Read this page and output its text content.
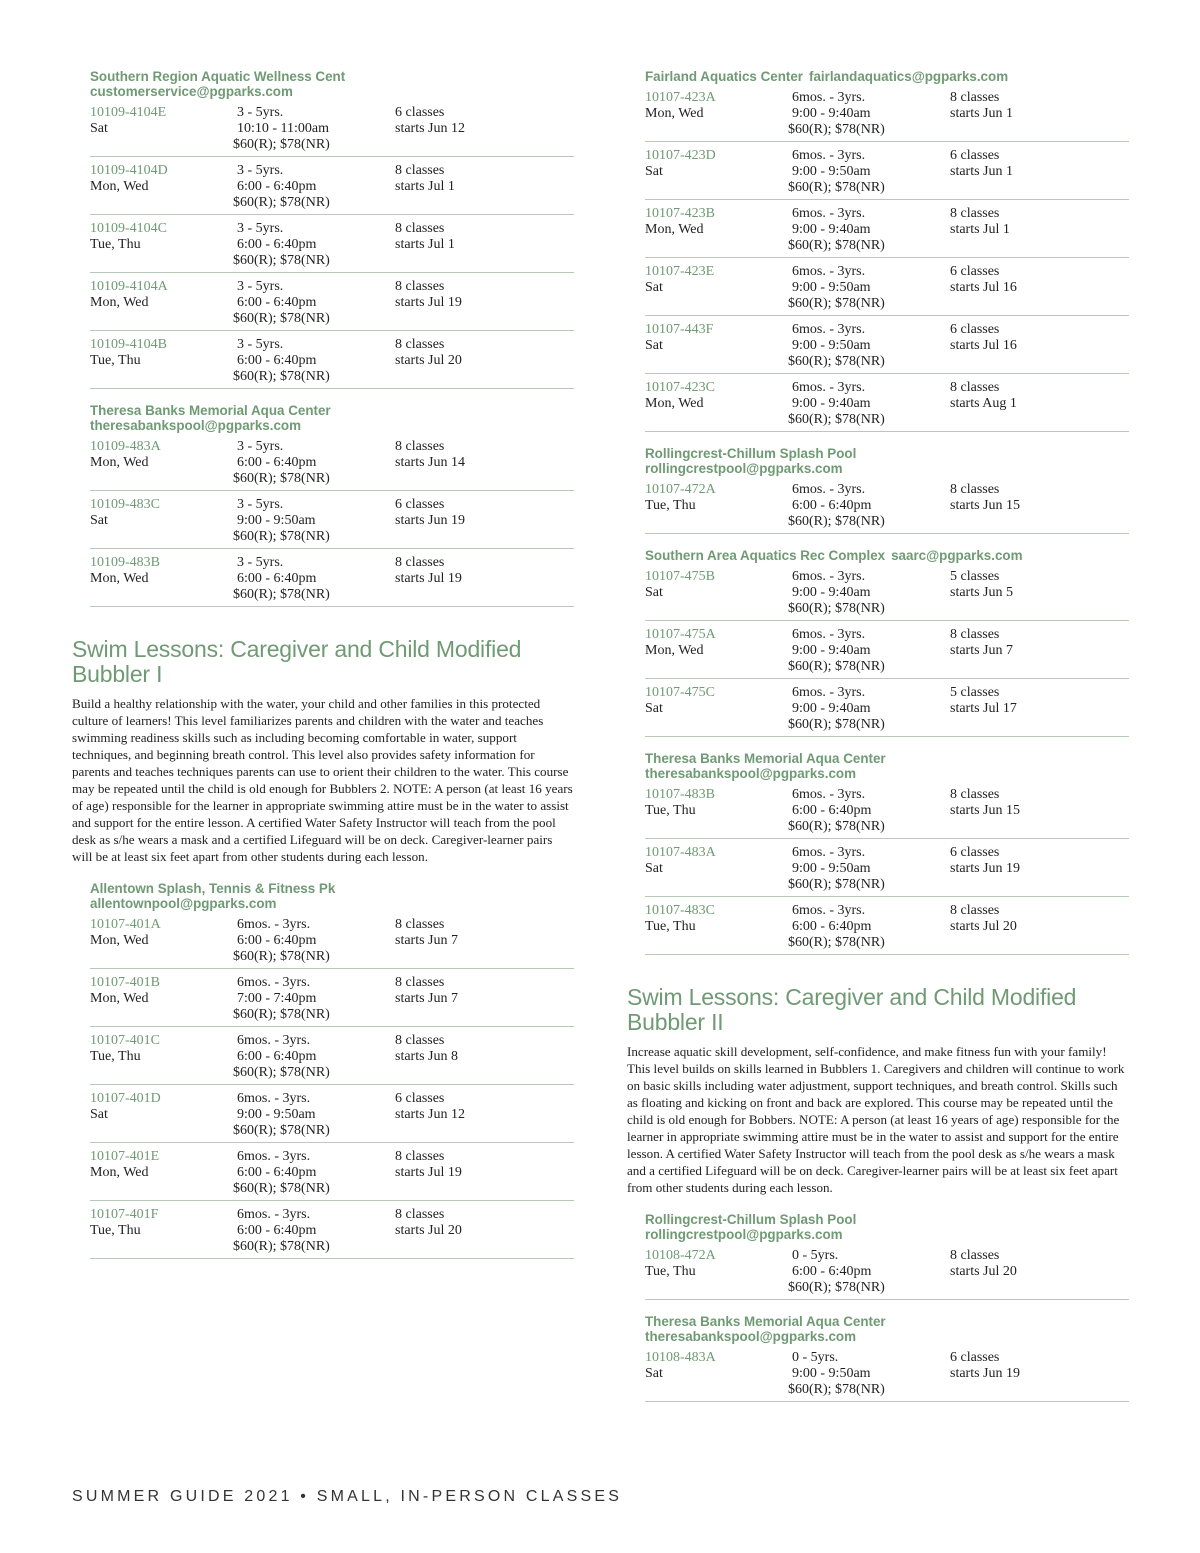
Southern Region Aquatic Wellness Cent
customerservice@pgparks.com
10109-4104E
Sat
3 - 5yrs.
10:10 - 11:00am
$60(R); $78(NR)
6 classes
starts Jun 12
10109-4104D
Mon, Wed
3 - 5yrs.
6:00 - 6:40pm
$60(R); $78(NR)
8 classes
starts Jul 1
10109-4104C
Tue, Thu
3 - 5yrs.
6:00 - 6:40pm
$60(R); $78(NR)
8 classes
starts Jul 1
10109-4104A
Mon, Wed
3 - 5yrs.
6:00 - 6:40pm
$60(R); $78(NR)
8 classes
starts Jul 19
10109-4104B
Tue, Thu
3 - 5yrs.
6:00 - 6:40pm
$60(R); $78(NR)
8 classes
starts Jul 20
Theresa Banks Memorial Aqua Center
theresabankspool@pgparks.com
10109-483A
Mon, Wed
3 - 5yrs.
6:00 - 6:40pm
$60(R); $78(NR)
8 classes
starts Jun 14
10109-483C
Sat
3 - 5yrs.
9:00 - 9:50am
$60(R); $78(NR)
6 classes
starts Jun 19
10109-483B
Mon, Wed
3 - 5yrs.
6:00 - 6:40pm
$60(R); $78(NR)
8 classes
starts Jul 19
Swim Lessons: Caregiver and Child Modified Bubbler I

Build a healthy relationship with the water, your child and other families in this protected culture of learners! This level familiarizes parents and children with the water and teaches swimming readiness skills such as including becoming comfortable in water, support techniques, and beginning breath control. This level also provides safety information for parents and teaches techniques parents can use to orient their children to the water. This course may be repeated until the child is old enough for Bubblers 2. NOTE: A person (at least 16 years of age) responsible for the learner in appropriate swimming attire must be in the water to assist and support for the entire lesson. A certified Water Safety Instructor will teach from the pool desk as s/he wears a mask and a certified Lifeguard will be on deck. Caregiver-learner pairs will be at least six feet apart from other students during each lesson.

Allentown Splash, Tennis & Fitness Pk
allentownpool@pgparks.com
10107-401A
Mon, Wed
6mos. - 3yrs.
6:00 - 6:40pm
$60(R); $78(NR)
8 classes
starts Jun 7
10107-401B
Mon, Wed
6mos. - 3yrs.
7:00 - 7:40pm
$60(R); $78(NR)
8 classes
starts Jun 7
10107-401C
Tue, Thu
6mos. - 3yrs.
6:00 - 6:40pm
$60(R); $78(NR)
8 classes
starts Jun 8
10107-401D
Sat
6mos. - 3yrs.
9:00 - 9:50am
$60(R); $78(NR)
6 classes
starts Jun 12
10107-401E
Mon, Wed
6mos. - 3yrs.
6:00 - 6:40pm
$60(R); $78(NR)
8 classes
starts Jul 19
10107-401F
Tue, Thu
6mos. - 3yrs.
6:00 - 6:40pm
$60(R); $78(NR)
8 classes
starts Jul 20
Fairland Aquatics Center fairlandaquatics@pgparks.com
10107-423A
Mon, Wed
6mos. - 3yrs.
9:00 - 9:40am
$60(R); $78(NR)
8 classes
starts Jun 1
10107-423D
Sat
6mos. - 3yrs.
9:00 - 9:50am
$60(R); $78(NR)
6 classes
starts Jun 1
10107-423B
Mon, Wed
6mos. - 3yrs.
9:00 - 9:40am
$60(R); $78(NR)
8 classes
starts Jul 1
10107-423E
Sat
6mos. - 3yrs.
9:00 - 9:50am
$60(R); $78(NR)
6 classes
starts Jul 16
10107-443F
Sat
6mos. - 3yrs.
9:00 - 9:50am
$60(R); $78(NR)
6 classes
starts Jul 16
10107-423C
Mon, Wed
6mos. - 3yrs.
9:00 - 9:40am
$60(R); $78(NR)
8 classes
starts Aug 1
Rollingcrest-Chillum Splash Pool
rollingcrestpool@pgparks.com
10107-472A
Tue, Thu
6mos. - 3yrs.
6:00 - 6:40pm
$60(R); $78(NR)
8 classes
starts Jun 15
Southern Area Aquatics Rec Complex saarc@pgparks.com
10107-475B
Sat
6mos. - 3yrs.
9:00 - 9:40am
$60(R); $78(NR)
5 classes
starts Jun 5
10107-475A
Mon, Wed
6mos. - 3yrs.
9:00 - 9:40am
$60(R); $78(NR)
8 classes
starts Jun 7
10107-475C
Sat
6mos. - 3yrs.
9:00 - 9:40am
$60(R); $78(NR)
5 classes
starts Jul 17
Theresa Banks Memorial Aqua Center
theresabankspool@pgparks.com
10107-483B
Tue, Thu
6mos. - 3yrs.
6:00 - 6:40pm
$60(R); $78(NR)
8 classes
starts Jun 15
10107-483A
Sat
6mos. - 3yrs.
9:00 - 9:50am
$60(R); $78(NR)
6 classes
starts Jun 19
10107-483C
Tue, Thu
6mos. - 3yrs.
6:00 - 6:40pm
$60(R); $78(NR)
8 classes
starts Jul 20
Swim Lessons: Caregiver and Child Modified Bubbler II

Increase aquatic skill development, self-confidence, and make fitness fun with your family! This level builds on skills learned in Bubblers 1. Caregivers and children will continue to work on basic skills including water adjustment, support techniques, and breath control. Skills such as floating and kicking on front and back are explored. This course may be repeated until the child is old enough for Bobbers. NOTE: A person (at least 16 years of age) responsible for the learner in appropriate swimming attire must be in the water to assist and support for the entire lesson. A certified Water Safety Instructor will teach from the pool desk as s/he wears a mask and a certified Lifeguard will be on deck. Caregiver-learner pairs will be at least six feet apart from other students during each lesson.

Rollingcrest-Chillum Splash Pool
rollingcrestpool@pgparks.com
10108-472A
Tue, Thu
0 - 5yrs.
6:00 - 6:40pm
$60(R); $78(NR)
8 classes
starts Jul 20
Theresa Banks Memorial Aqua Center
theresabankspool@pgparks.com
10108-483A
Sat
0 - 5yrs.
9:00 - 9:50am
$60(R); $78(NR)
6 classes
starts Jun 19
SUMMER GUIDE 2021 • SMALL, IN-PERSON CLASSES
